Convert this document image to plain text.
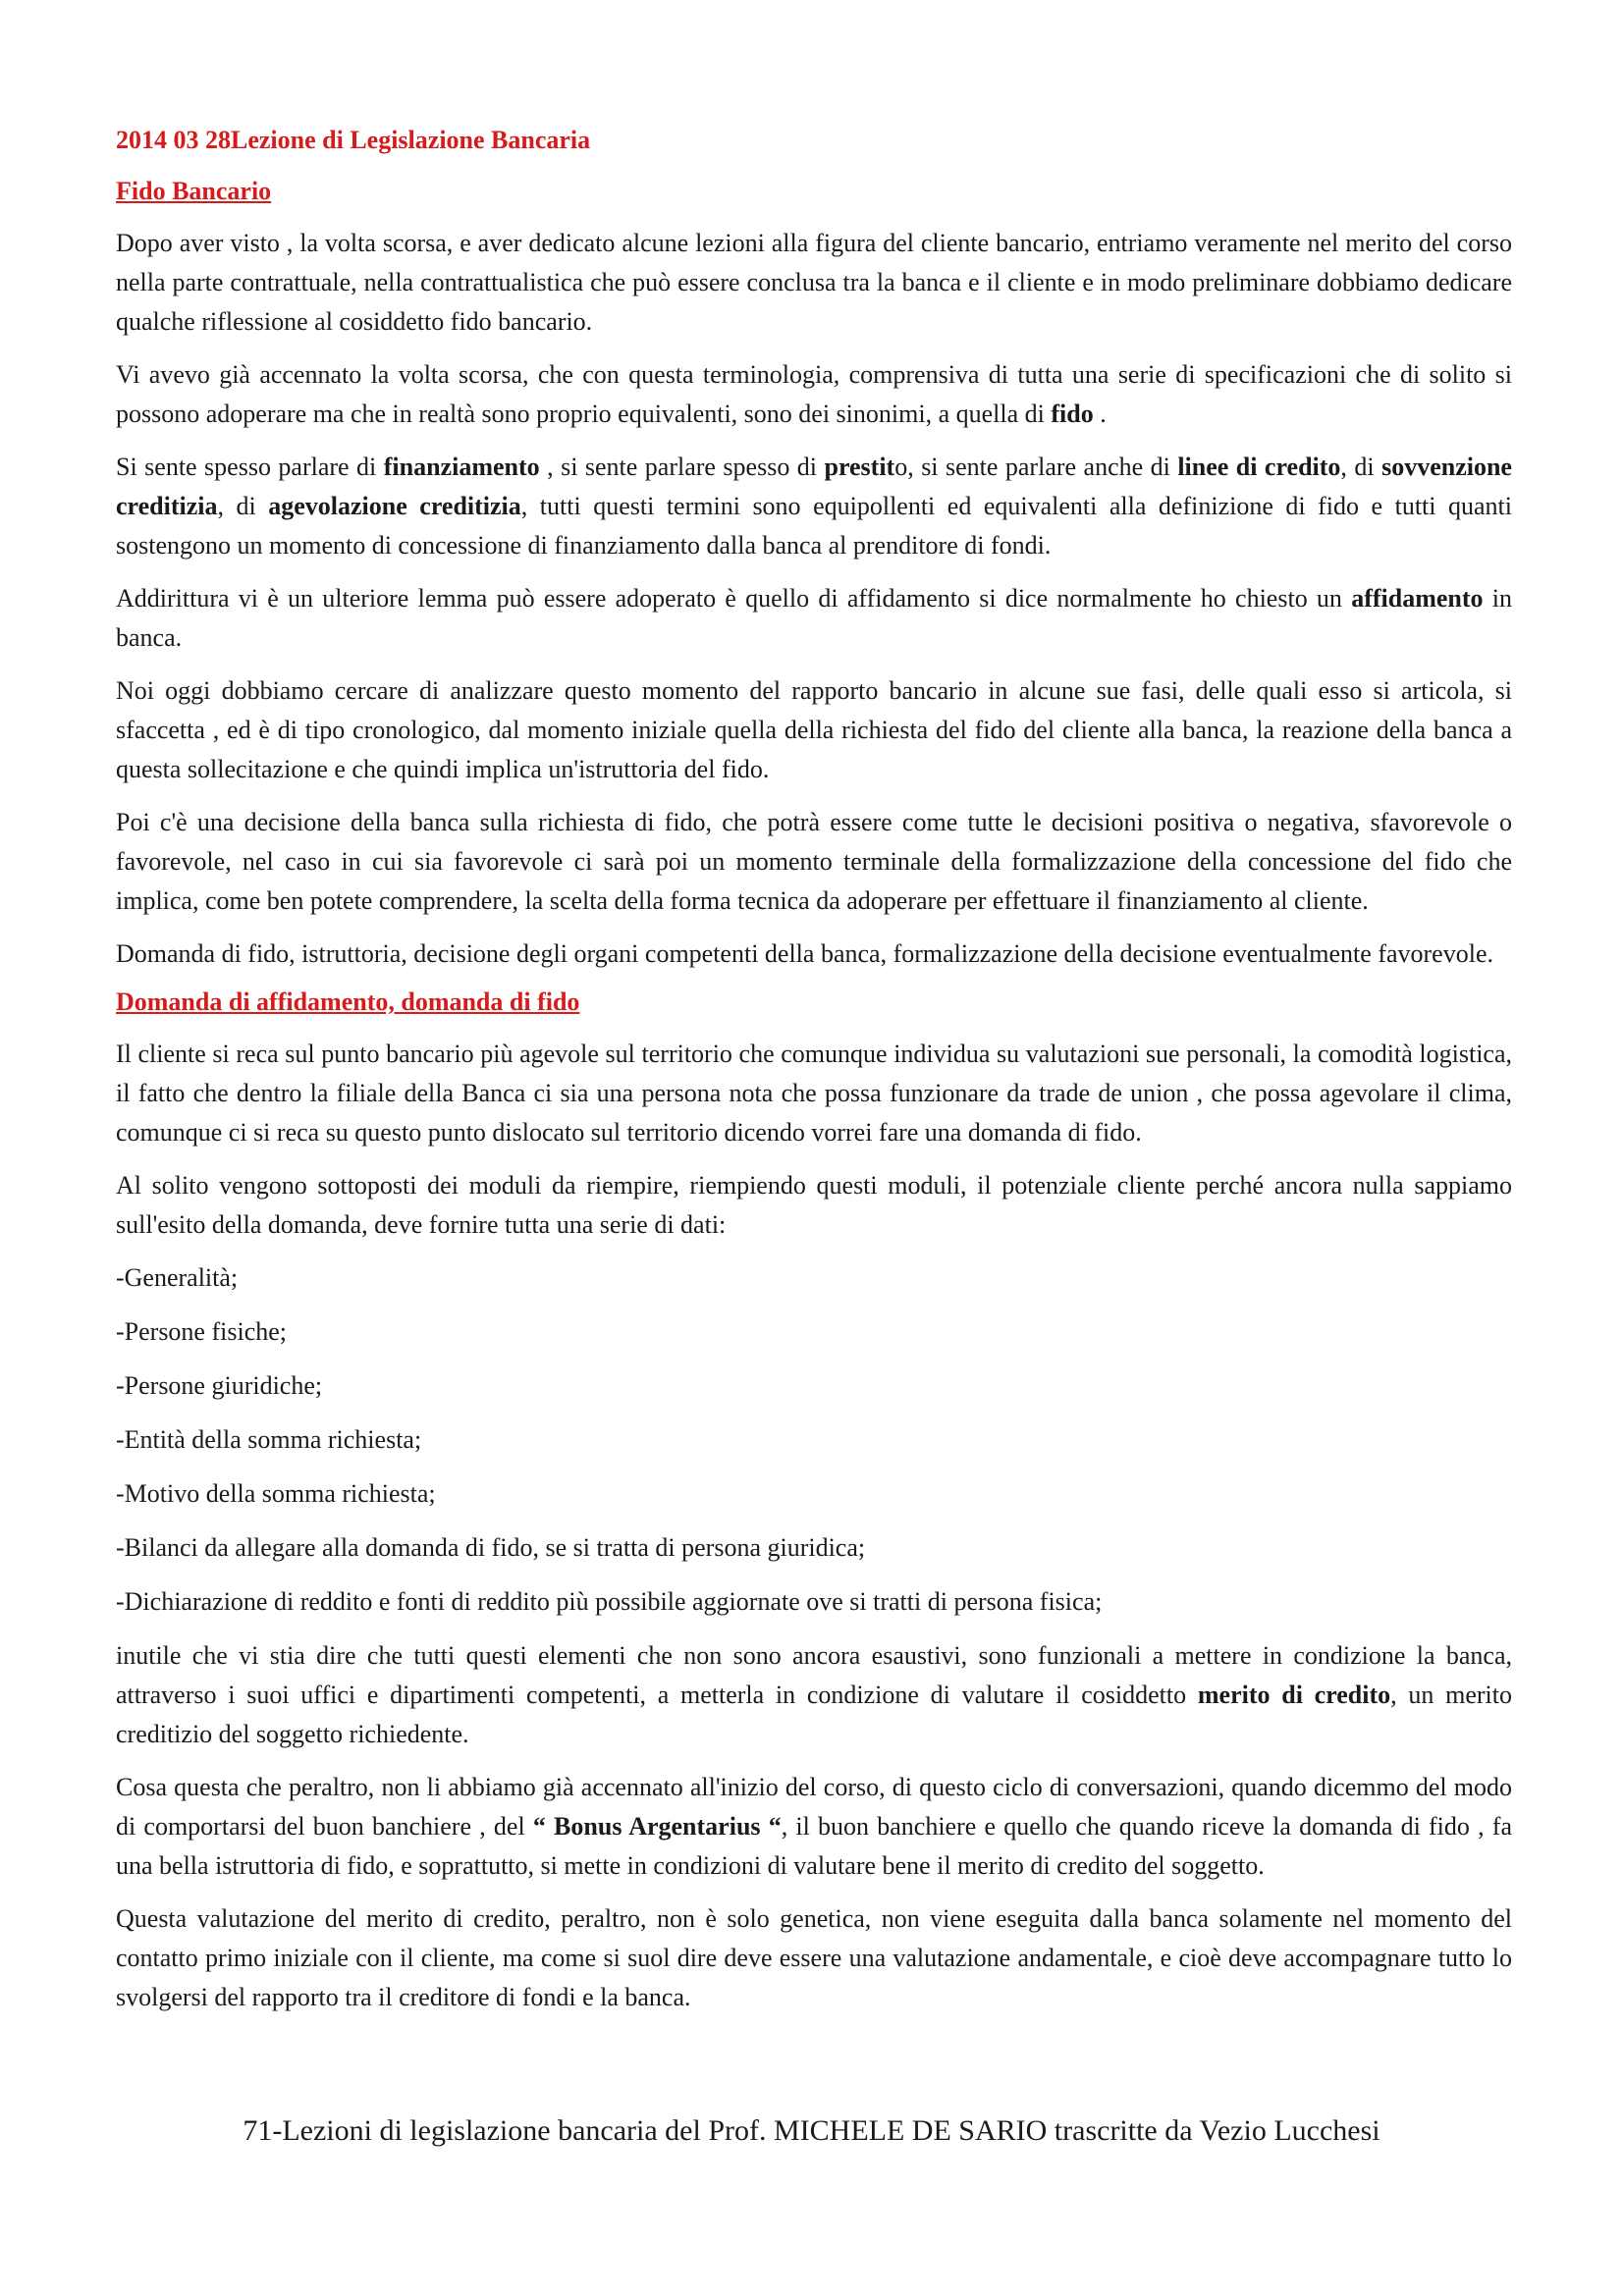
2014 03 28Lezione di Legislazione Bancaria
Fido Bancario

Dopo aver visto , la volta scorsa, e aver dedicato alcune lezioni alla figura del cliente bancario, entriamo veramente nel merito del corso nella parte contrattuale, nella contrattualistica che può essere conclusa tra la banca e il cliente e in modo preliminare dobbiamo dedicare qualche riflessione al cosiddetto fido bancario.

Vi avevo già accennato la volta scorsa, che con questa terminologia, comprensiva di tutta una serie di specificazioni che di solito si possono adoperare ma che in realtà sono proprio equivalenti, sono dei sinonimi, a quella di fido .

Si sente spesso parlare di finanziamento , si sente parlare spesso di prestito, si sente parlare anche di linee di credito, di sovvenzione creditizia, di agevolazione creditizia, tutti questi termini sono equipollenti ed equivalenti alla definizione di fido e tutti quanti sostengono un momento di concessione di finanziamento dalla banca al prenditore di fondi.

Addirittura vi è un ulteriore lemma può essere adoperato è quello di affidamento si dice normalmente ho chiesto un affidamento in banca.

Noi oggi dobbiamo cercare di analizzare questo momento del rapporto bancario in alcune sue fasi, delle quali esso si articola, si sfaccetta , ed è di tipo cronologico, dal momento iniziale quella della richiesta del fido del cliente alla banca, la reazione della banca a questa sollecitazione e che quindi implica un'istruttoria del fido.

Poi c'è una decisione della banca sulla richiesta di fido, che potrà essere come tutte le decisioni positiva o negativa, sfavorevole o favorevole, nel caso in cui sia favorevole ci sarà poi un momento terminale della formalizzazione della concessione del fido che implica, come ben potete comprendere, la scelta della forma tecnica da adoperare per effettuare il finanziamento al cliente.

Domanda di fido, istruttoria, decisione degli organi competenti della banca, formalizzazione della decisione eventualmente favorevole.

Domanda di affidamento, domanda di fido

Il cliente si reca sul punto bancario più agevole sul territorio che comunque individua su valutazioni sue personali, la comodità logistica, il fatto che dentro la filiale della Banca ci sia una persona nota che possa funzionare da trade de union , che possa agevolare il clima, comunque ci si reca su questo punto dislocato sul territorio dicendo vorrei fare una domanda di fido.

Al solito vengono sottoposti dei moduli da riempire, riempiendo questi moduli, il potenziale cliente perché ancora nulla sappiamo sull'esito della domanda, deve fornire tutta una serie di dati:

-Generalità;
-Persone fisiche;
-Persone giuridiche;
-Entità della somma richiesta;
-Motivo della somma richiesta;
-Bilanci da allegare alla domanda di fido, se si tratta di persona giuridica;
-Dichiarazione di reddito e fonti di reddito più possibile aggiornate ove si tratti di persona fisica;

inutile che vi stia dire che tutti questi elementi che non sono ancora esaustivi, sono funzionali a mettere in condizione la banca, attraverso i suoi uffici e dipartimenti competenti, a metterla in condizione di valutare il cosiddetto merito di credito, un merito creditizio del soggetto richiedente.

Cosa questa che peraltro, non li abbiamo già accennato all'inizio del corso, di questo ciclo di conversazioni, quando dicemmo del modo di comportarsi del buon banchiere , del “ Bonus Argentarius “, il buon banchiere e quello che quando riceve la domanda di fido , fa una bella istruttoria di fido, e soprattutto, si mette in condizioni di valutare bene il merito di credito del soggetto.

Questa valutazione del merito di credito, peraltro, non è solo genetica, non viene eseguita dalla banca solamente nel momento del contatto primo iniziale con il cliente, ma come si suol dire deve essere una valutazione andamentale, e cioè deve accompagnare tutto lo svolgersi del rapporto tra il creditore di fondi e la banca.

71-Lezioni di legislazione bancaria del Prof. MICHELE DE SARIO trascritte da Vezio Lucchesi
